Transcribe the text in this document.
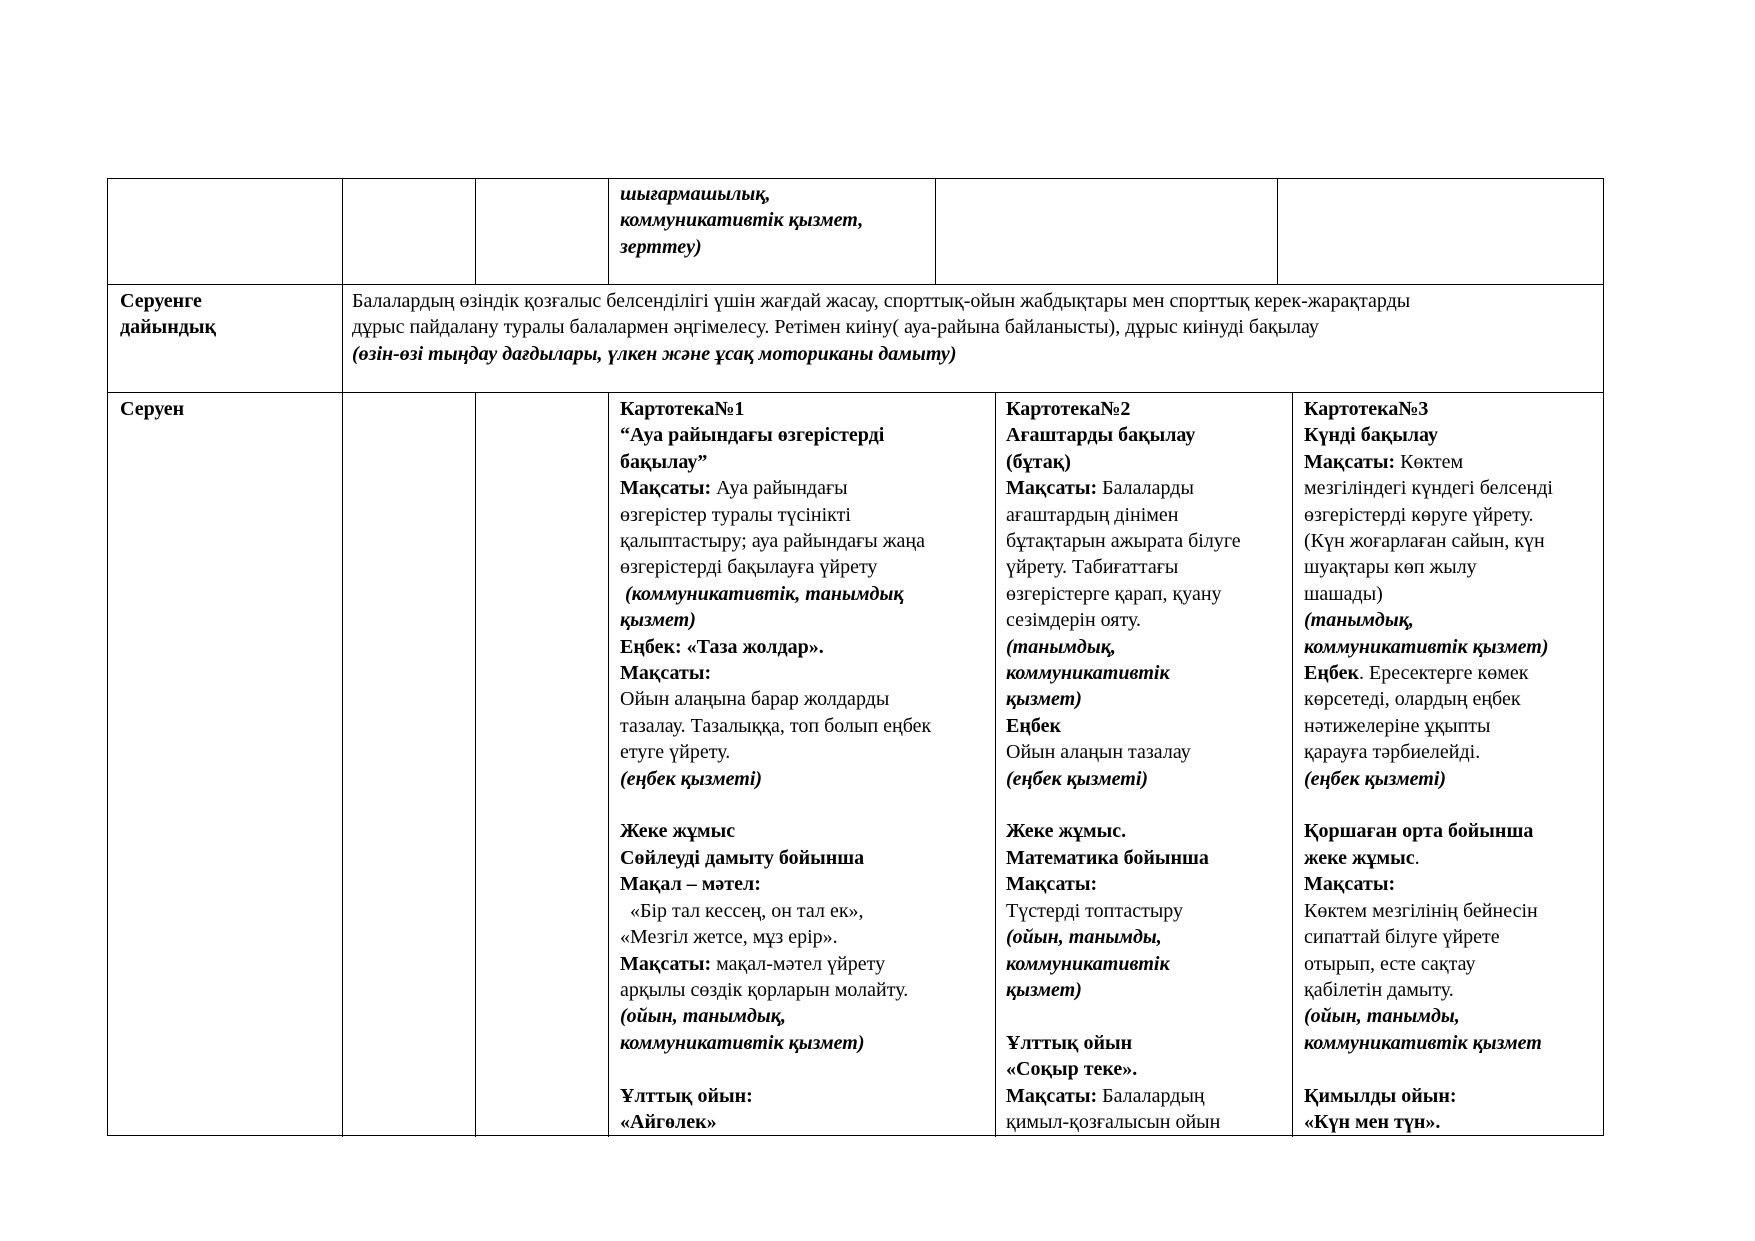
шығармашылық,
коммуникативтік қызмет,
зерттеу)
Серуенге
дайындық
Балалардың өзіндік қозғалыс белсенділігі үшін жағдай жасау, спорттық-ойын жабдықтары мен спорттық керек-жарақтарды
дұрыс пайдалану туралы балалармен әңгімелесу. Ретімен киіну( ауа-райына байланысты), дұрыс киінуді бақылау
(өзін-өзі тыңдау дағдылары, үлкен және ұсақ моториканы дамыту)
Серуен	Картотека№1
“Ауа райындағы өзгерістерді
бақылау”
Мақсаты: Ауа райындағы
өзгерістер туралы түсінікті
қалыптастыру; ауа райындағы жаңа
өзгерістерді бақылауға үйрету
(коммуникативтік, танымдық
қызмет)
Еңбек: «Таза жолдар».
Мақсаты:
Ойын алаңына барар жолдарды
тазалау. Тазалыққа, топ болып еңбек
етуге үйрету.
(еңбек қызметі)
Жеке жұмыс
Сөйлеуді дамыту бойынша
Мақал – мәтел:
«Бір тал кессең, он тал ек»,
«Мезгіл жетсе, мұз ерір».
Мақсаты: мақал-мәтел үйрету
арқылы сөздік қорларын молайту.
(ойын, танымдық,
коммуникативтік қызмет)
Ұлттық ойын:
«Айгөлек»
Картотека№2
Ағаштарды бақылау
(бұтақ)
Мақсаты: Балаларды
ағаштардың дінімен
бұтақтарын ажырата білуге
үйрету. Табиғаттағы
өзгерістерге қарап, қуану
сезімдерін ояту.
(танымдық,
коммуникативтік
қызмет)
Еңбек
Ойын алаңын тазалау
(еңбек қызметі)
Жеке жұмыс.
Математика бойынша
Мақсаты:
Түстерді топтастыру
(ойын, танымды,
коммуникативтік
қызмет)
Ұлттық ойын
«Соқыр теке».
Мақсаты: Балалардың
қимыл-қозғалысын ойын
Картотека№3
Күнді бақылау
Мақсаты: Көктем
мезгіліндегі күндегі белсенді
өзгерістерді көруге үйрету.
(Күн жоғарлаған сайын, күн
шуақтары көп жылу
шашады)
(танымдық,
коммуникативтік қызмет)
Еңбек. Ересектерге көмек
көрсетеді, олардың еңбек
нәтижелеріне ұқыпты
қарауға тәрбиелейді.
(еңбек қызметі)
Қоршаған орта бойынша
жеке жұмыс.
Мақсаты:
Көктем мезгілінің бейнесін
сипаттай білуге үйрете
отырып, есте сақтау
қабілетін дамыту.
(ойын, танымды,
коммуникативтік қызмет
Қимылды ойын:
«Күн мен түн».
